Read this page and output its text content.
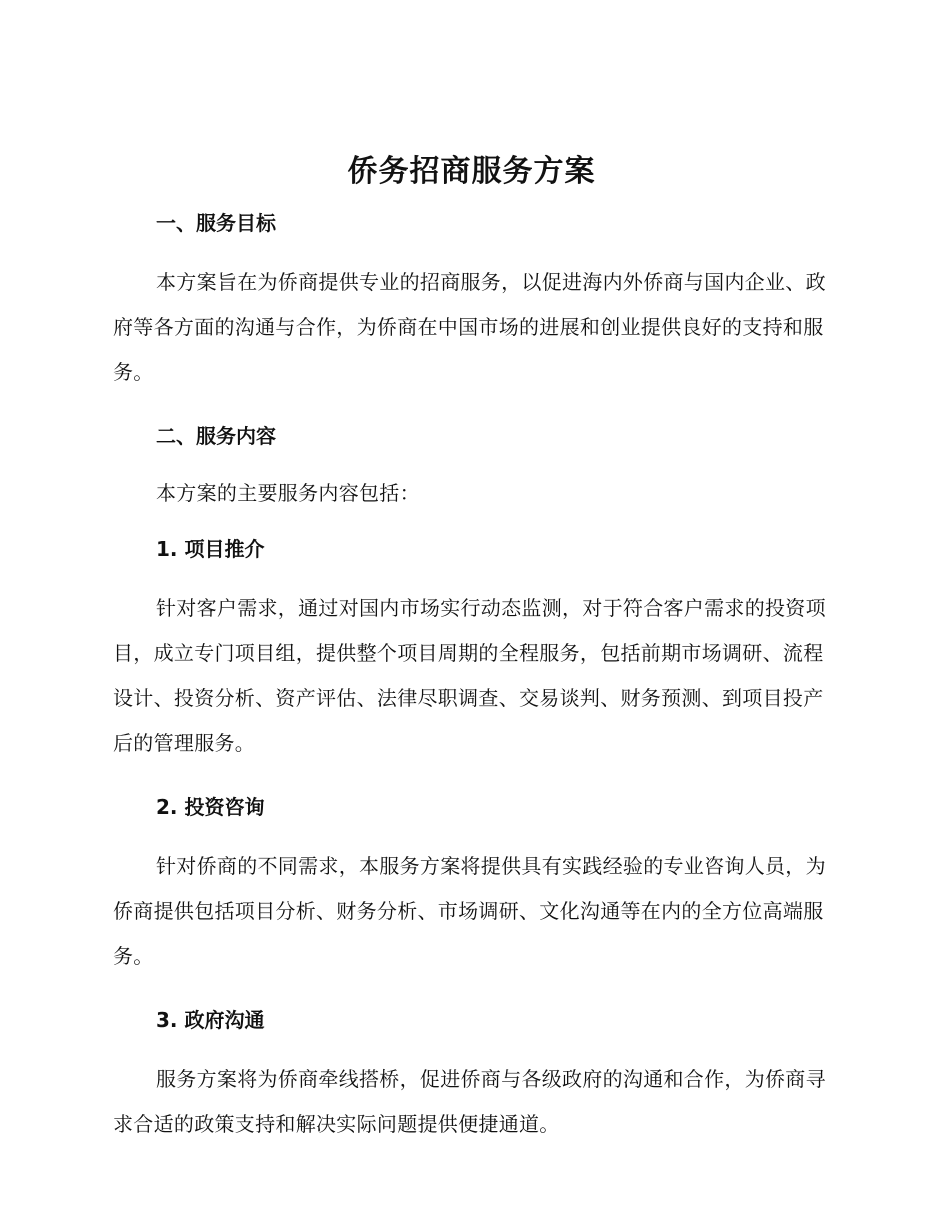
侨务招商服务方案
一、服务目标

本方案旨在为侨商提供专业的招商服务，以促进海内外侨商与国内企业、政府等各方面的沟通与合作，为侨商在中国市场的进展和创业提供良好的支持和服务。

二、服务内容

本方案的主要服务内容包括：

1. 项目推介

针对客户需求，通过对国内市场实行动态监测，对于符合客户需求的投资项目，成立专门项目组，提供整个项目周期的全程服务，包括前期市场调研、流程设计、投资分析、资产评估、法律尽职调查、交易谈判、财务预测、到项目投产后的管理服务。

2. 投资咨询

针对侨商的不同需求，本服务方案将提供具有实践经验的专业咨询人员，为侨商提供包括项目分析、财务分析、市场调研、文化沟通等在内的全方位高端服务。

3. 政府沟通

服务方案将为侨商牵线搭桥，促进侨商与各级政府的沟通和合作，为侨商寻求合适的政策支持和解决实际问题提供便捷通道。
